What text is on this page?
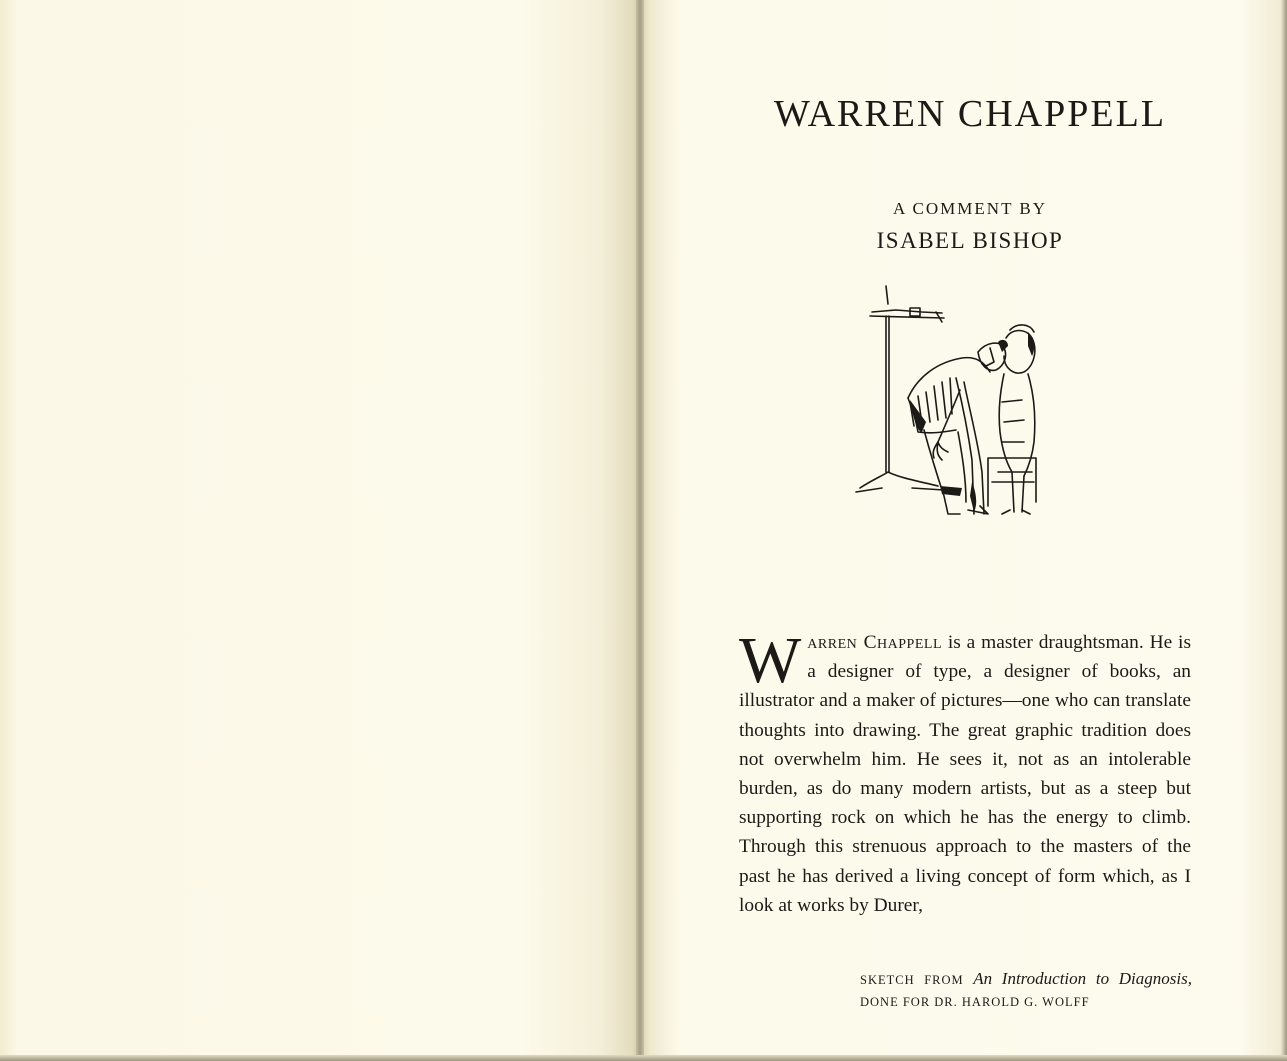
WARREN CHAPPELL
A COMMENT BY
ISABEL BISHOP
Warren Chappell is a master draughtsman. He is a designer of type, a designer of books, an illustrator and a maker of pictures—one who can translate thoughts into drawing. The great graphic tradition does not overwhelm him. He sees it, not as an intolerable burden, as do many modern artists, but as a steep but supporting rock on which he has the energy to climb. Through this strenuous approach to the masters of the past he has derived a living concept of form which, as I look at works by Durer,
SKETCH FROM An Introduction to Diagnosis, DONE FOR DR. HAROLD G. WOLFF
